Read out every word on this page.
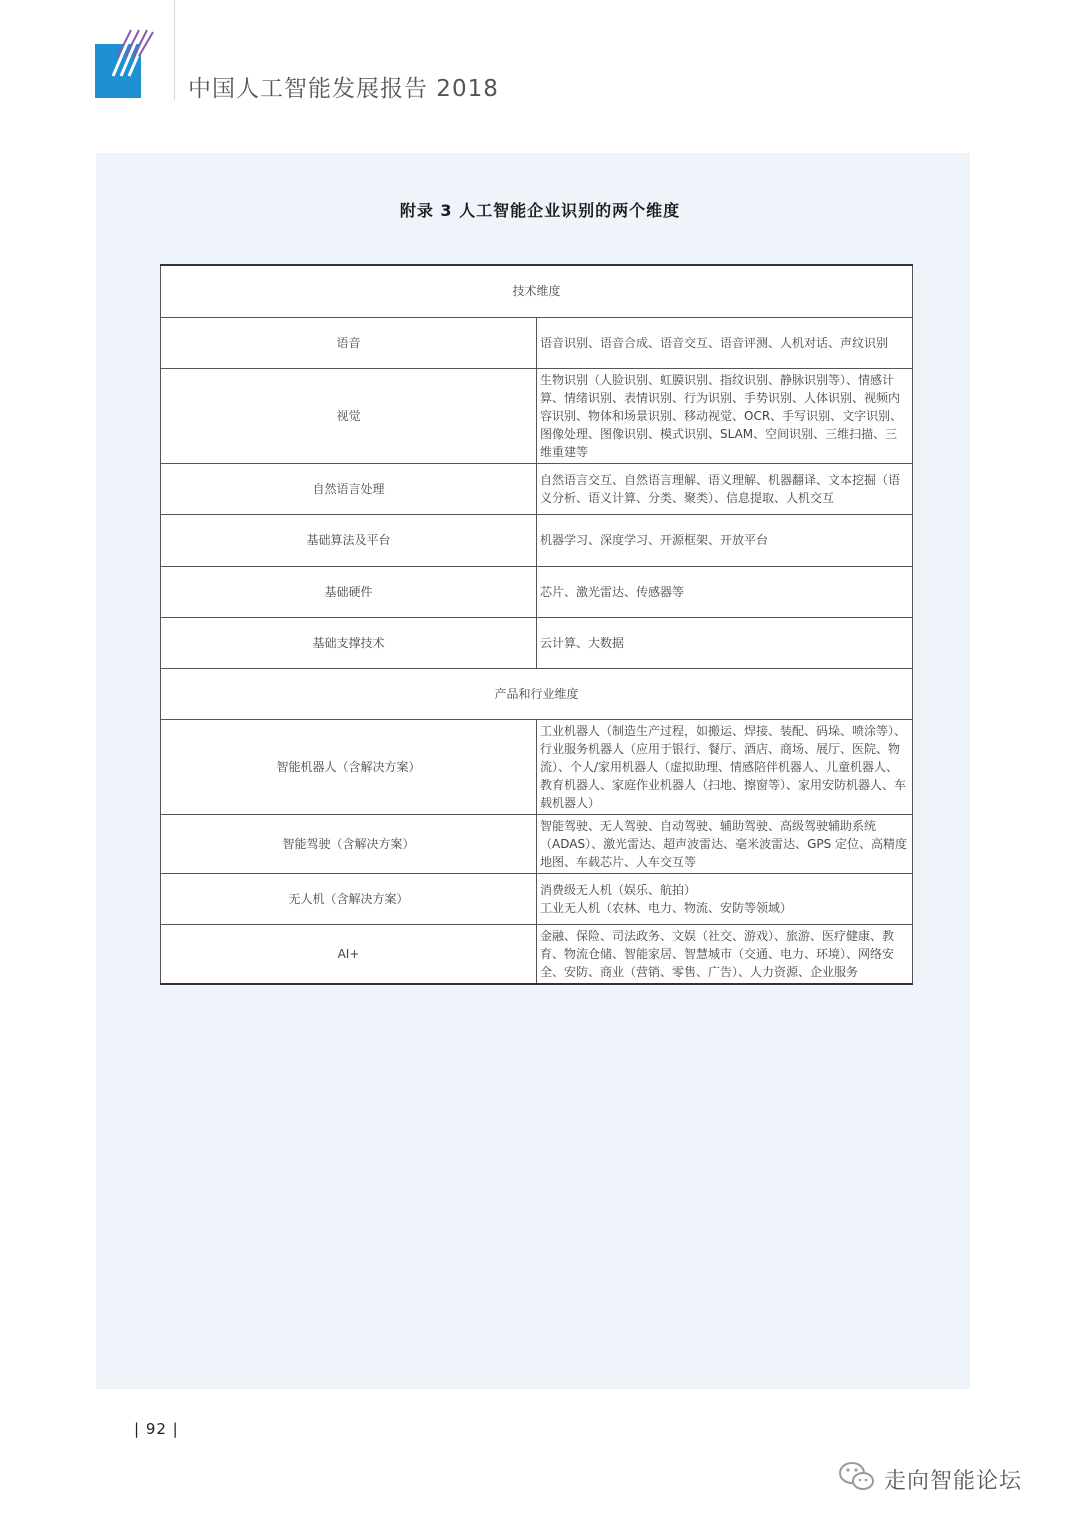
中国人工智能发展报告 2018
附录 3 人工智能企业识别的两个维度
技术维度	
语音	语音识别、语音合成、语音交互、语音评测、人机对话、声纹识别
视觉	生物识别（人脸识别、虹膜识别、指纹识别、静脉识别等）、情感计算、情绪识别、表情识别、行为识别、手势识别、人体识别、视频内容识别、物体和场景识别、移动视觉、OCR、手写识别、文字识别、图像处理、图像识别、模式识别、SLAM、空间识别、三维扫描、三维重建等
自然语言处理	自然语言交互、自然语言理解、语义理解、机器翻译、文本挖掘（语义分析、语义计算、分类、聚类）、信息提取、人机交互
基础算法及平台	机器学习、深度学习、开源框架、开放平台
基础硬件	芯片、激光雷达、传感器等
基础支撑技术	云计算、大数据
产品和行业维度	
智能机器人（含解决方案）	工业机器人（制造生产过程，如搬运、焊接、装配、码垛、喷涂等）、行业服务机器人（应用于银行、餐厅、酒店、商场、展厅、医院、物流）、个人/家用机器人（虚拟助理、情感陪伴机器人、儿童机器人、教育机器人、家庭作业机器人（扫地、擦窗等）、家用安防机器人、车载机器人）
智能驾驶（含解决方案）	智能驾驶、无人驾驶、自动驾驶、辅助驾驶、高级驾驶辅助系统（ADAS）、激光雷达、超声波雷达、毫米波雷达、GPS 定位、高精度地图、车载芯片、人车交互等
无人机（含解决方案）	消费级无人机（娱乐、航拍）
工业无人机（农林、电力、物流、安防等领域）
AI+	金融、保险、司法政务、文娱（社交、游戏）、旅游、医疗健康、教育、物流仓储、智能家居、智慧城市（交通、电力、环境）、网络安全、安防、商业（营销、零售、广告）、人力资源、企业服务
| 92 |
走向智能论坛
